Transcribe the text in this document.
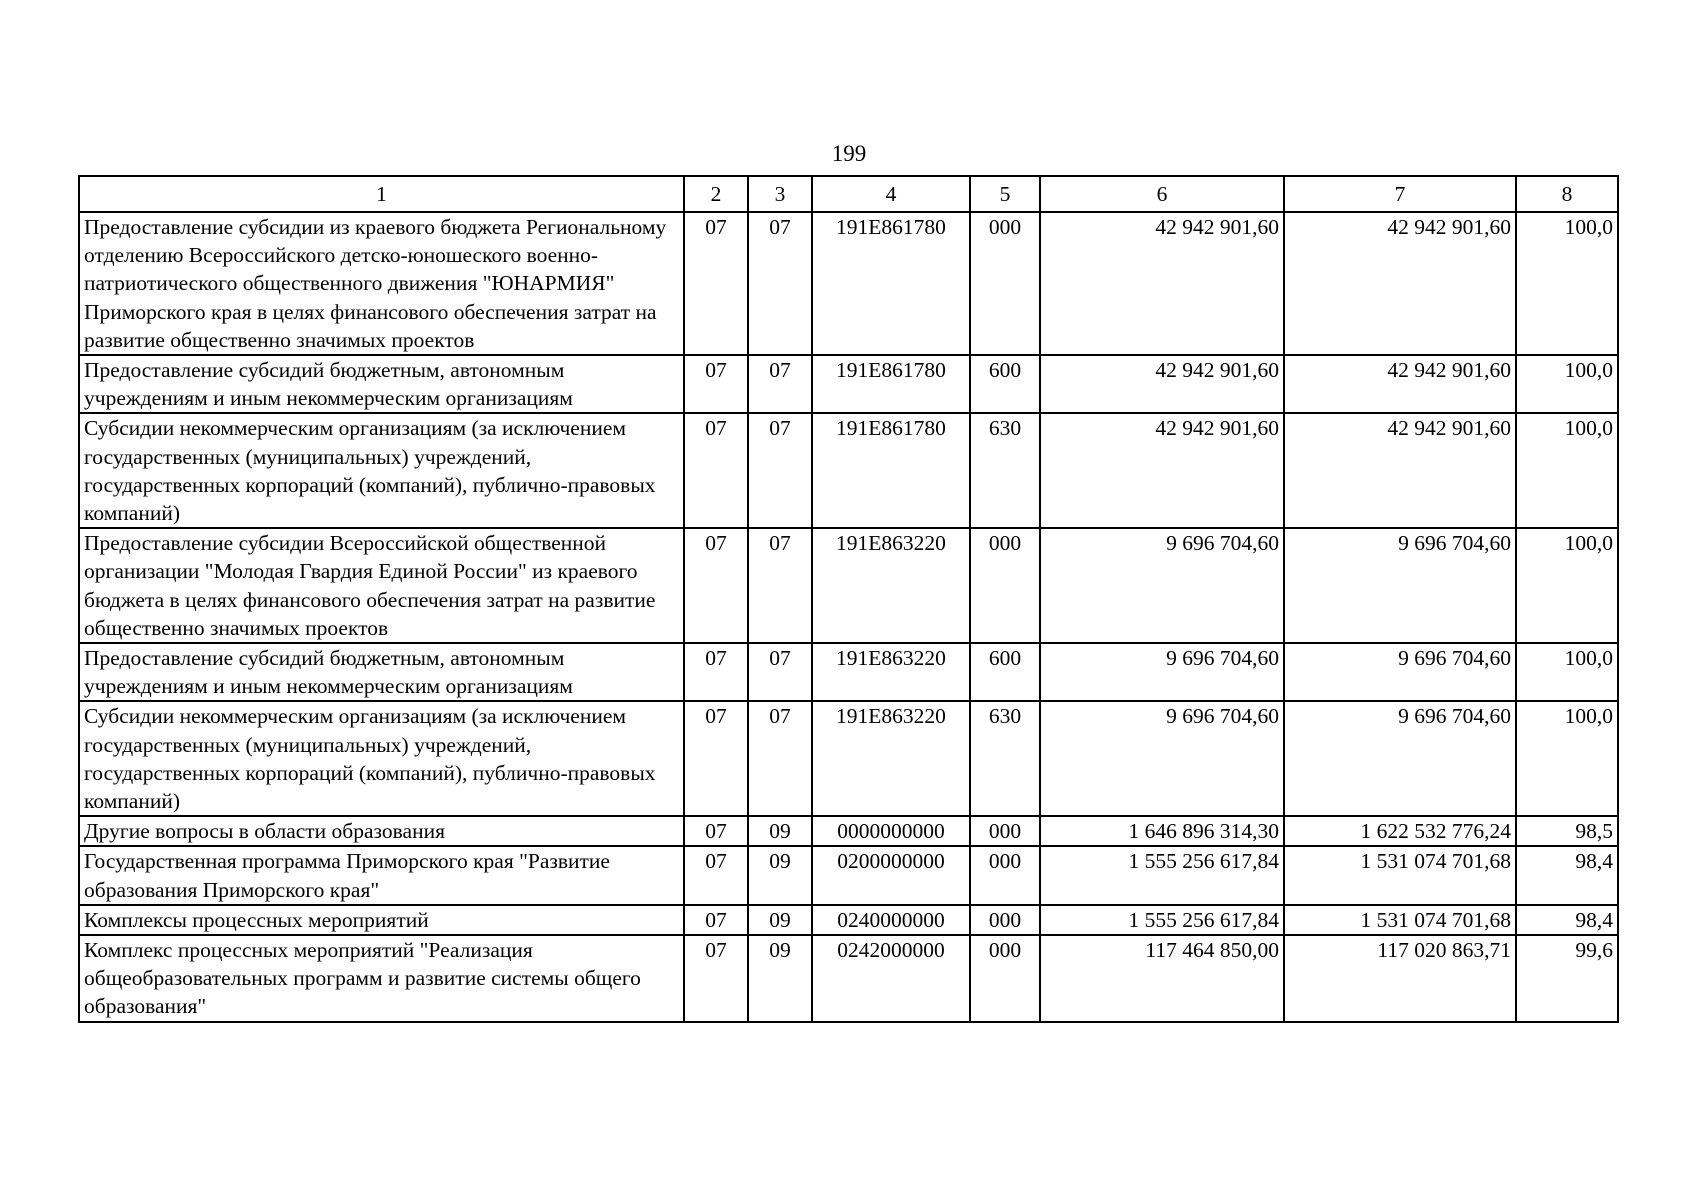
199
1	2	3	4	5	6	7	8
Предоставление субсидии из краевого бюджета Региональному отделению Всероссийского детско-юношеского военно-патриотического общественного движения "ЮНАРМИЯ" Приморского края в целях финансового обеспечения затрат на развитие общественно значимых проектов	07	07	191Е861780	000	42 942 901,60	42 942 901,60	100,0
Предоставление субсидий бюджетным, автономным учреждениям и иным некоммерческим организациям	07	07	191Е861780	600	42 942 901,60	42 942 901,60	100,0
Субсидии некоммерческим организациям (за исключением государственных (муниципальных) учреждений, государственных корпораций (компаний), публично-правовых компаний)	07	07	191Е861780	630	42 942 901,60	42 942 901,60	100,0
Предоставление субсидии Всероссийской общественной организации "Молодая Гвардия Единой России" из краевого бюджета в целях финансового обеспечения затрат на развитие общественно значимых проектов	07	07	191Е863220	000	9 696 704,60	9 696 704,60	100,0
Предоставление субсидий бюджетным, автономным учреждениям и иным некоммерческим организациям	07	07	191Е863220	600	9 696 704,60	9 696 704,60	100,0
Субсидии некоммерческим организациям (за исключением государственных (муниципальных) учреждений, государственных корпораций (компаний), публично-правовых компаний)	07	07	191Е863220	630	9 696 704,60	9 696 704,60	100,0
Другие вопросы в области образования	07	09	0000000000	000	1 646 896 314,30	1 622 532 776,24	98,5
Государственная программа Приморского края "Развитие образования Приморского края"	07	09	0200000000	000	1 555 256 617,84	1 531 074 701,68	98,4
Комплексы процессных мероприятий	07	09	0240000000	000	1 555 256 617,84	1 531 074 701,68	98,4
Комплекс процессных мероприятий "Реализация общеобразовательных программ и развитие системы общего образования"	07	09	0242000000	000	117 464 850,00	117 020 863,71	99,6
